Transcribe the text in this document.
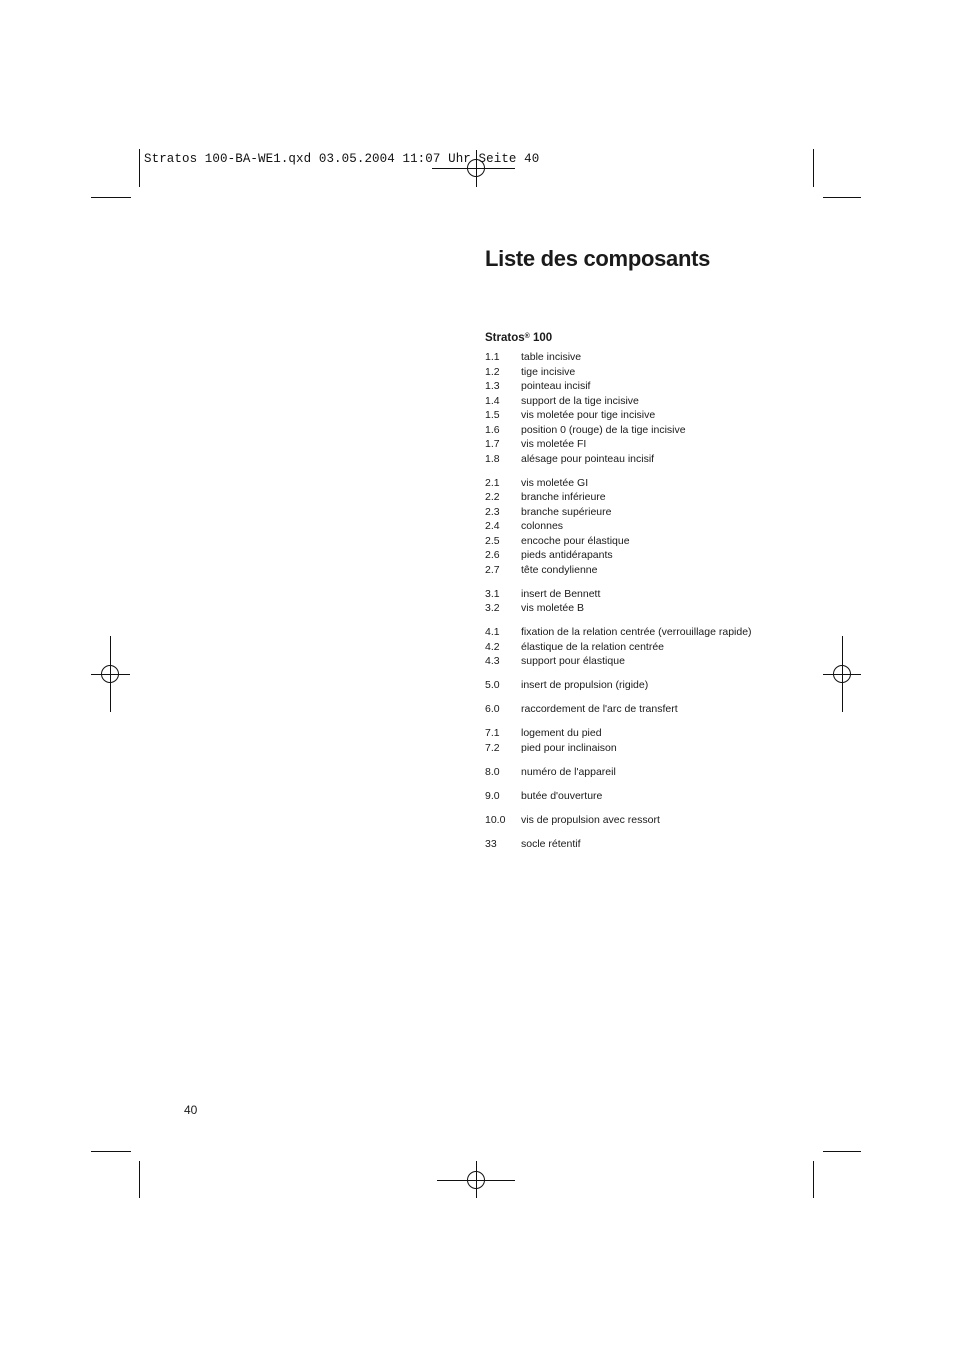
Stratos 100-BA-WE1.qxd 03.05.2004 11:07 Uhr Seite 40
Liste des composants
Stratos® 100
1.1	table incisive
1.2	tige incisive
1.3	pointeau incisif
1.4	support de la tige incisive
1.5	vis moletée pour tige incisive
1.6	position 0 (rouge) de la tige incisive
1.7	vis moletée FI
1.8	alésage pour pointeau incisif
2.1	vis moletée GI
2.2	branche inférieure
2.3	branche supérieure
2.4	colonnes
2.5	encoche pour élastique
2.6	pieds antidérapants
2.7	tête condylienne
3.1	insert de Bennett
3.2	vis moletée B
4.1	fixation de la relation centrée (verrouillage rapide)
4.2	élastique de la relation centrée
4.3	support pour élastique
5.0	insert de propulsion (rigide)
6.0	raccordement de l'arc de transfert
7.1	logement du pied
7.2	pied pour inclinaison
8.0	numéro de l'appareil
9.0	butée d'ouverture
10.0	vis de propulsion avec ressort
33	socle rétentif
40
